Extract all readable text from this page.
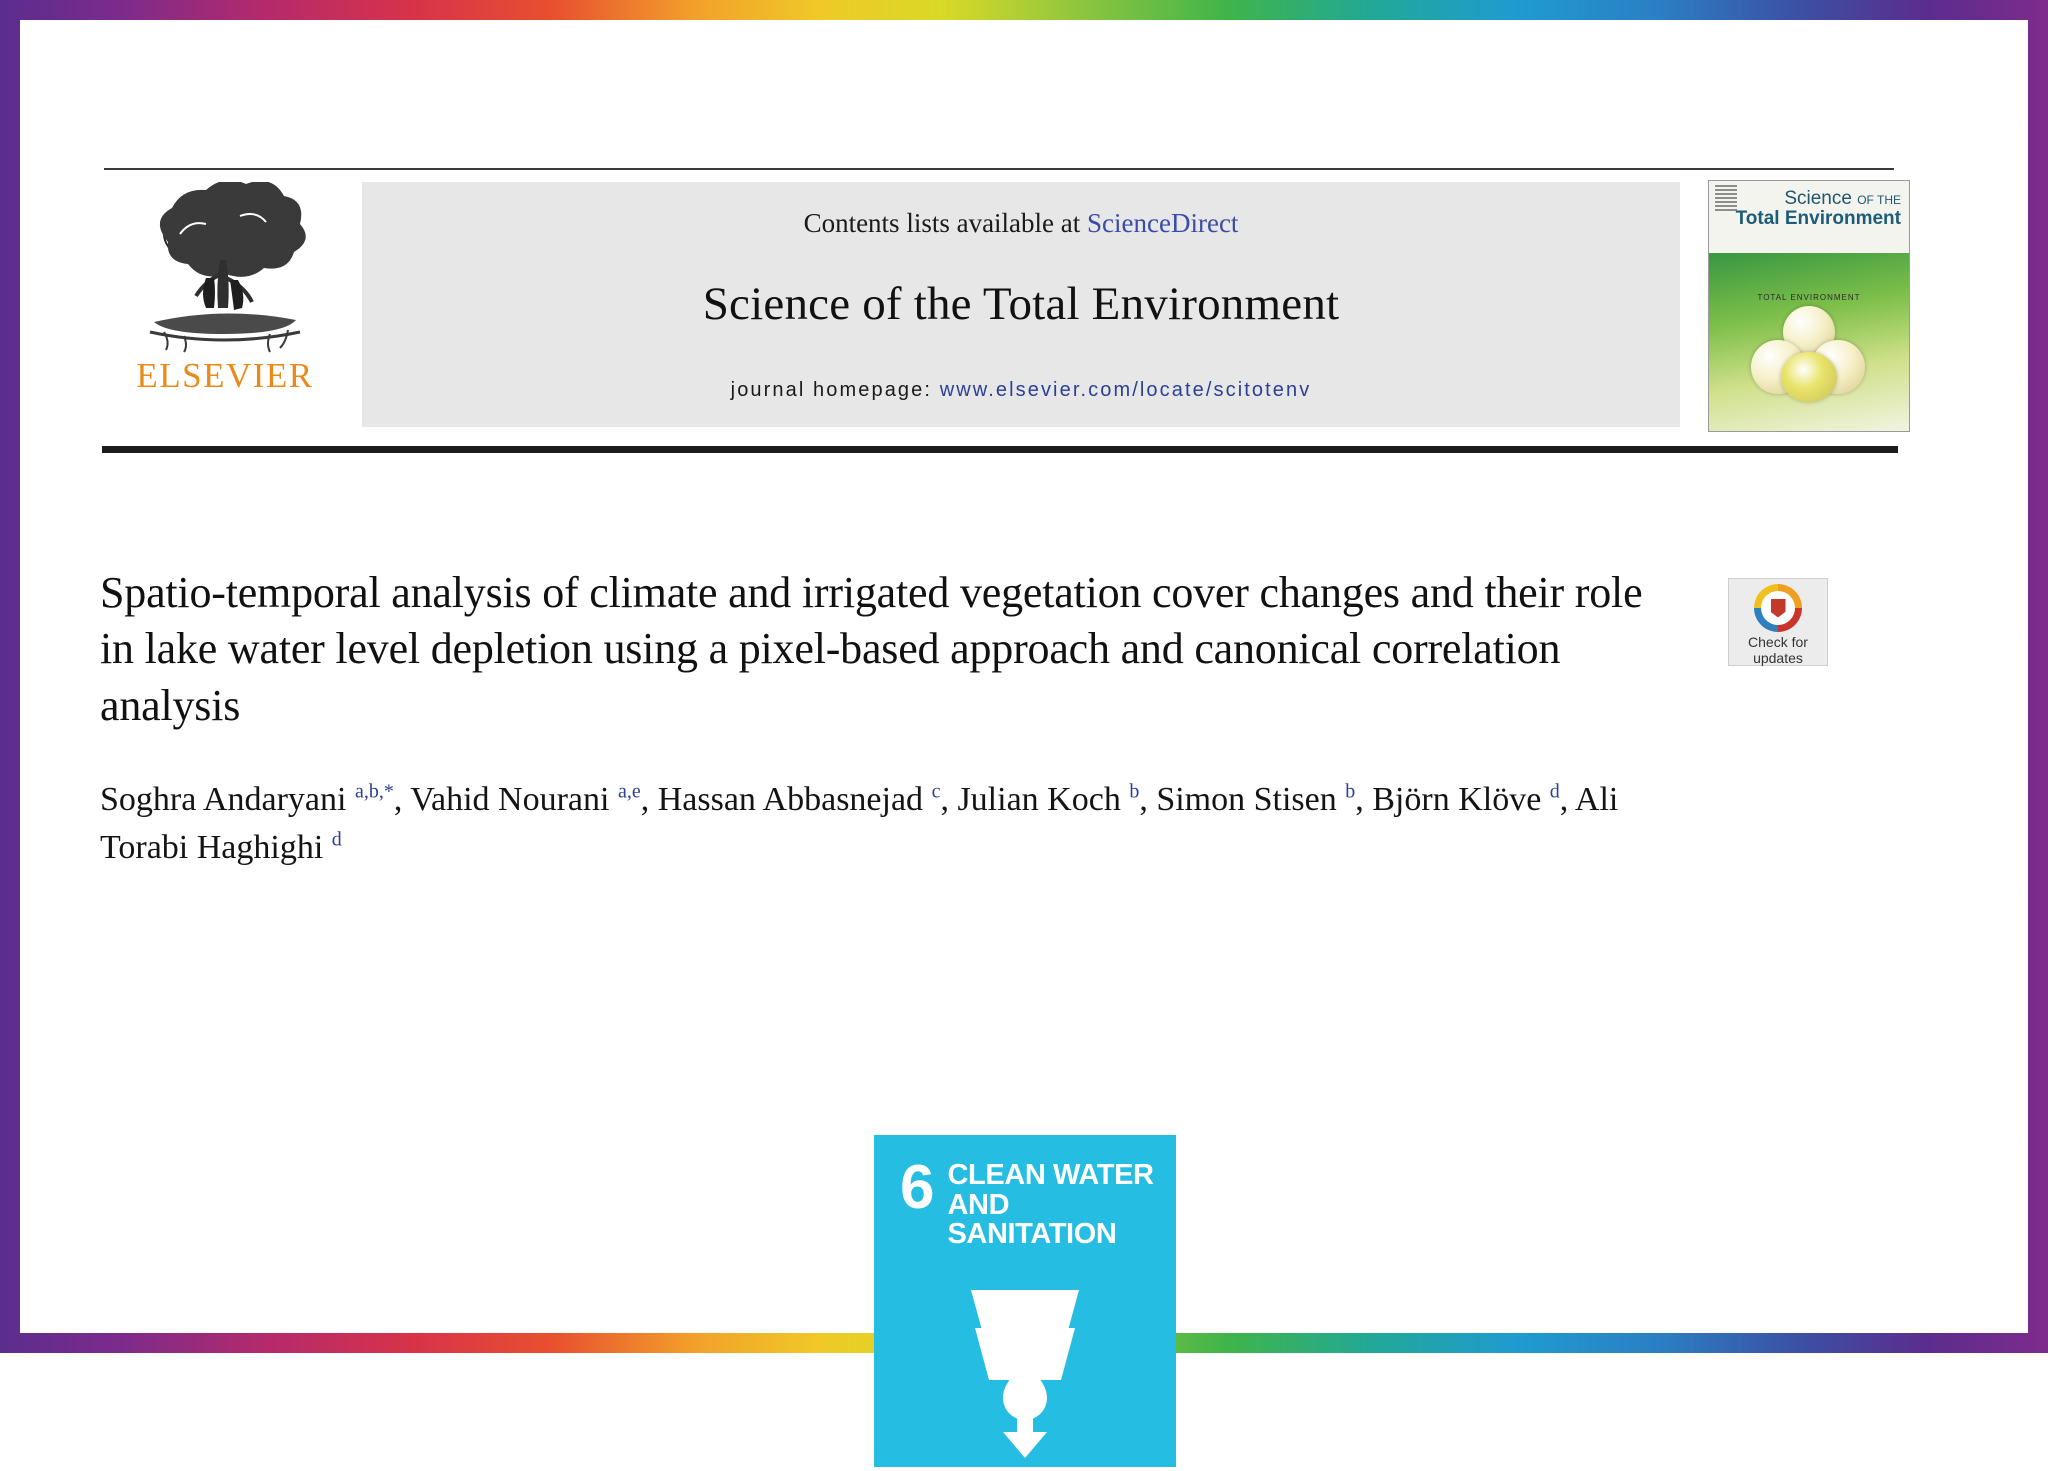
ELSEVIER
Contents lists available at ScienceDirect
Science of the Total Environment
journal homepage: www.elsevier.com/locate/scitotenv
Science OF THE
Total Environment
TOTAL ENVIRONMENT
Spatio-temporal analysis of climate and irrigated vegetation cover changes and their role in lake water level depletion using a pixel-based approach and canonical correlation analysis
Soghra Andaryani $^{a,b,*}$, Vahid Nourani $^{a,e}$, Hassan Abbasnejad $^c$, Julian Koch $^b$, Simon Stisen $^b$, Björn Klöve $^d$, Ali Torabi Haghighi $^d$
Check for
updates
6 CLEAN WATER
AND SANITATION
